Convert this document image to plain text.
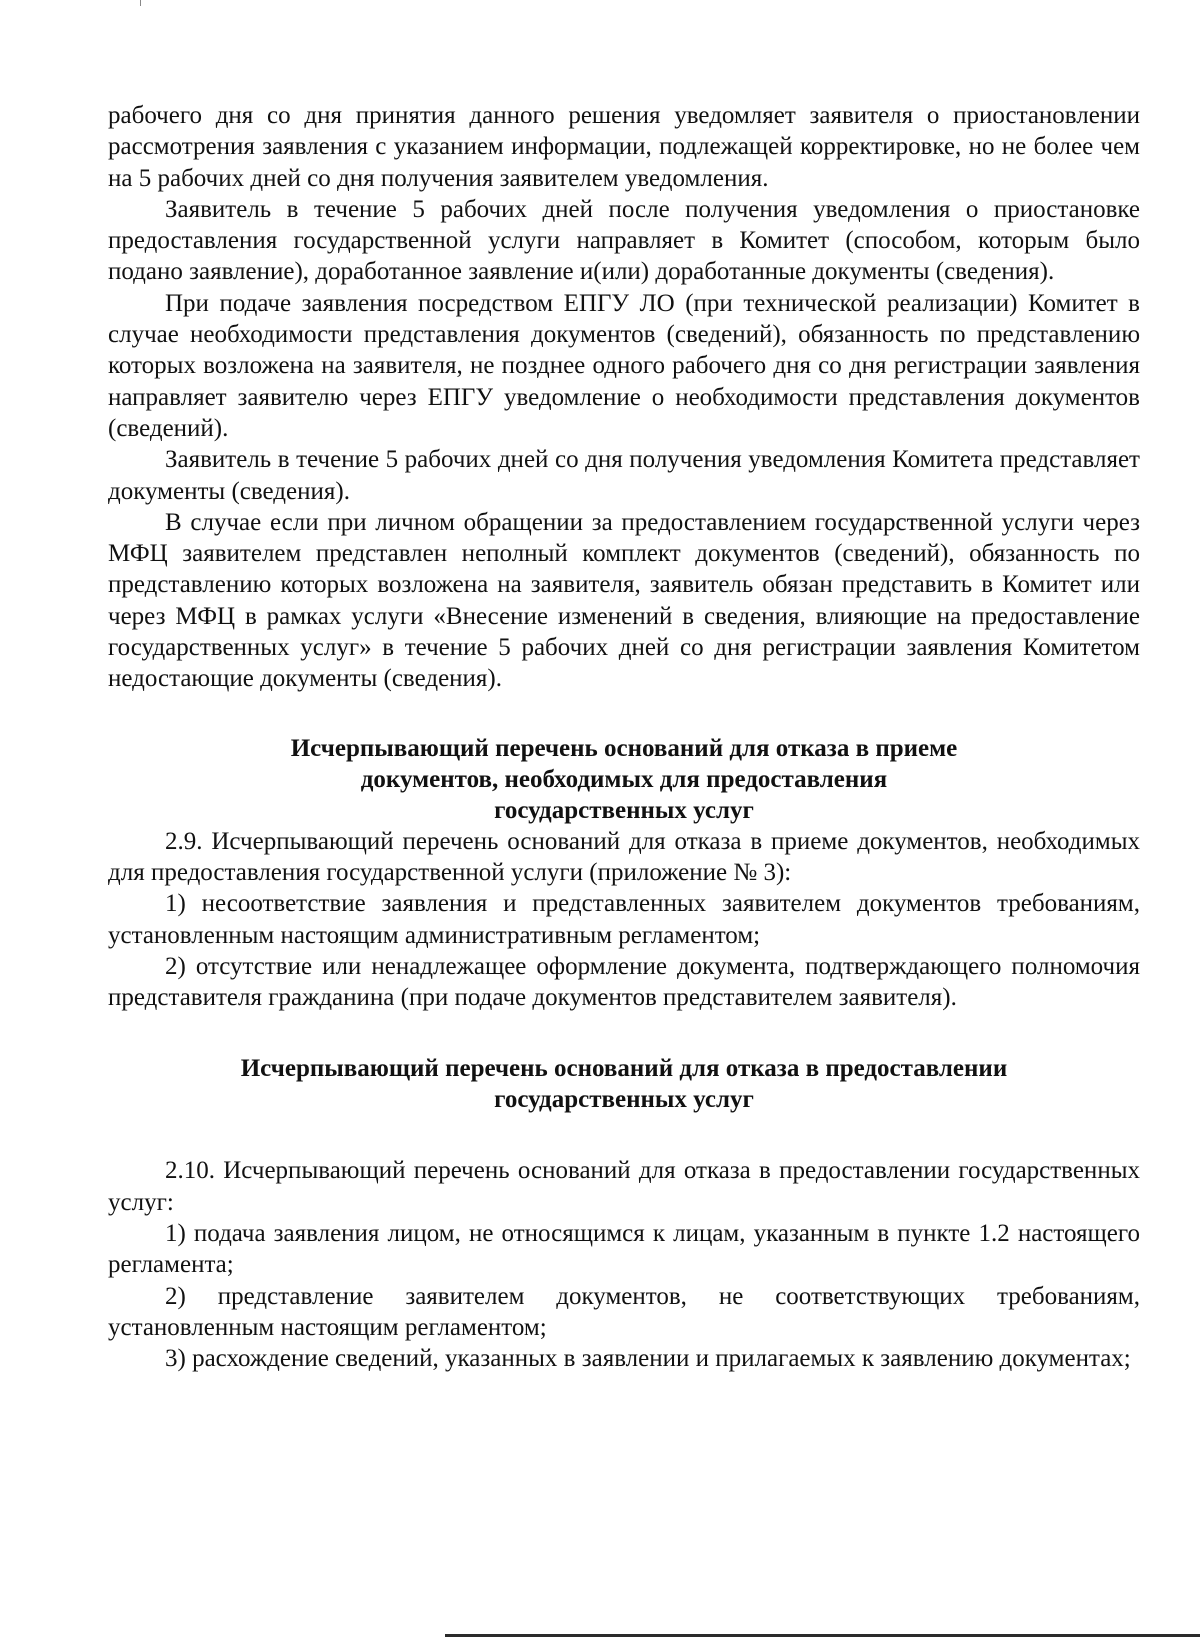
рабочего дня со дня принятия данного решения уведомляет заявителя о приостановлении рассмотрения заявления с указанием информации, подлежащей корректировке, но не более чем на 5 рабочих дней со дня получения заявителем уведомления.

Заявитель в течение 5 рабочих дней после получения уведомления о приостановке предоставления государственной услуги направляет в Комитет (способом, которым было подано заявление), доработанное заявление и(или) доработанные документы (сведения).

При подаче заявления посредством ЕПГУ ЛО (при технической реализации) Комитет в случае необходимости представления документов (сведений), обязанность по представлению которых возложена на заявителя, не позднее одного рабочего дня со дня регистрации заявления направляет заявителю через ЕПГУ уведомление о необходимости представления документов (сведений).

Заявитель в течение 5 рабочих дней со дня получения уведомления Комитета представляет документы (сведения).

В случае если при личном обращении за предоставлением государственной услуги через МФЦ заявителем представлен неполный комплект документов (сведений), обязанность по представлению которых возложена на заявителя, заявитель обязан представить в Комитет или через МФЦ в рамках услуги «Внесение изменений в сведения, влияющие на предоставление государственных услуг» в течение 5 рабочих дней со дня регистрации заявления Комитетом недостающие документы (сведения).

Исчерпывающий перечень оснований для отказа в приеме
документов, необходимых для предоставления
государственных услуг

2.9. Исчерпывающий перечень оснований для отказа в приеме документов, необходимых для предоставления государственной услуги (приложение № 3):

1) несоответствие заявления и представленных заявителем документов требованиям, установленным настоящим административным регламентом;

2) отсутствие или ненадлежащее оформление документа, подтверждающего полномочия представителя гражданина (при подаче документов представителем заявителя).

Исчерпывающий перечень оснований для отказа в предоставлении
государственных услуг

2.10. Исчерпывающий перечень оснований для отказа в предоставлении государственных услуг:

1) подача заявления лицом, не относящимся к лицам, указанным в пункте 1.2 настоящего регламента;

2) представление заявителем документов, не соответствующих требованиям, установленным настоящим регламентом;

3) расхождение сведений, указанных в заявлении и прилагаемых к заявлению документах;
